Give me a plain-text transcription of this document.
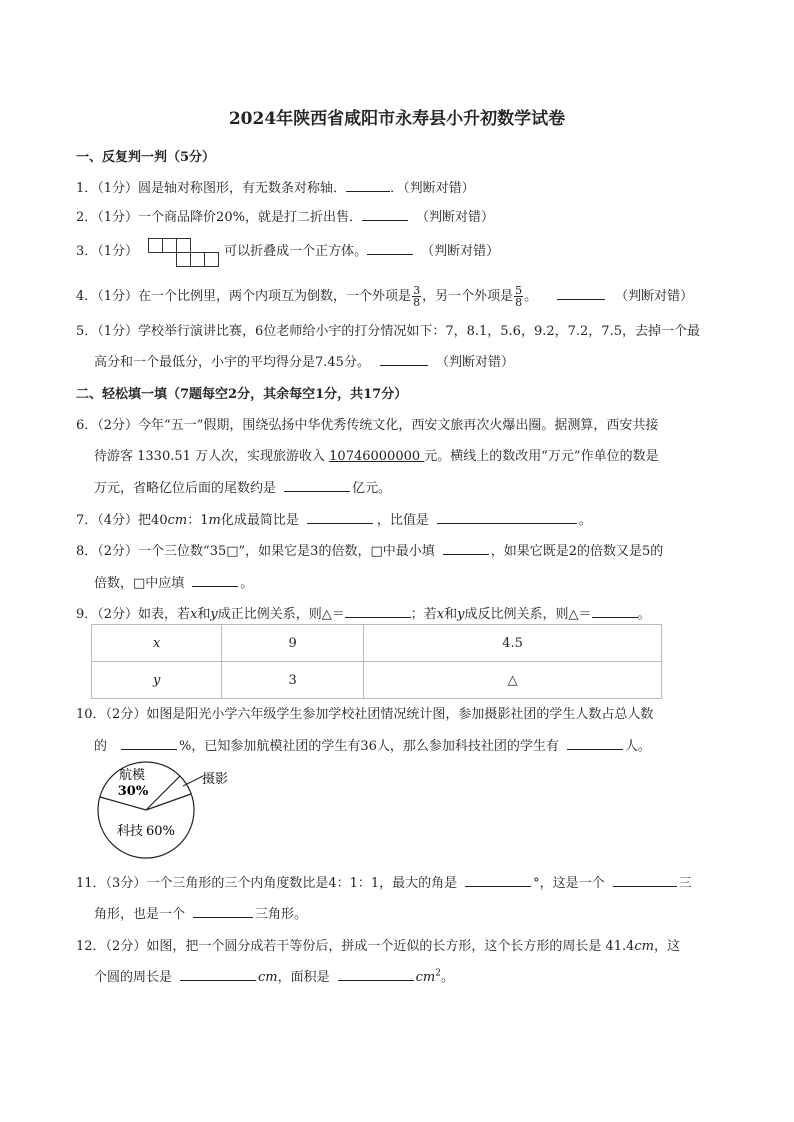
2024年陕西省咸阳市永寿县小升初数学试卷
一、反复判一判（5分）
1．（1分）圆是轴对称图形，有无数条对称轴．	．（判断对错）
2．（1分）一个商品降价20%，就是打二折出售．	（判断对错）
3．（1分）	可以折叠成一个正方体。	（判断对错）
4．（1分）在一个比例里，两个内项互为倒数，一个外项是 $\frac{3}{8}$ ，另一个外项是 $\frac{5}{8}$ 。	（判断对错）
5．（1分）学校举行演讲比赛，6位老师给小宇的打分情况如下：7，8.1，5.6，9.2，7.2，7.5，去掉一个最
高分和一个最低分，小宇的平均得分是7.45分。	（判断对错）
二、轻松填一填（7题每空2分，其余每空1分，共17分）
6．（2分）今年“五一”假期，围绕弘扬中华优秀传统文化，西安文旅再次火爆出圈。据测算，西安共接
待游客 1330.51 万人次，实现旅游收入 10746000000 元。横线上的数改用“万元”作单位的数是
万元，省略亿位后面的尾数约是	亿元。
7．（4分）把40cm：1m化成最简比是	，比值是	。
8．（2分）一个三位数“35□”，如果它是3的倍数，□中最小填	，如果它既是2的倍数又是5的
倍数，□中应填	。
9．（2分）如表，若x和y成正比例关系，则△＝	；若x和y成反比例关系，则△＝	。
x	9	4.5
y	3	△
10．（2分）如图是阳光小学六年级学生参加学校社团情况统计图，参加摄影社团的学生人数占总人数
的	%，已知参加航模社团的学生有36人，那么参加科技社团的学生有	人。
航模
30%
摄影
科技 60%
11．（3分）一个三角形的三个内角度数比是4：1：1，最大的角是	°，这是一个	三
角形，也是一个	三角形。
12．（2分）如图，把一个圆分成若干等份后，拼成一个近似的长方形，这个长方形的周长是 41.4cm，这
个圆的周长是	cm，面积是	$cm^2$。
